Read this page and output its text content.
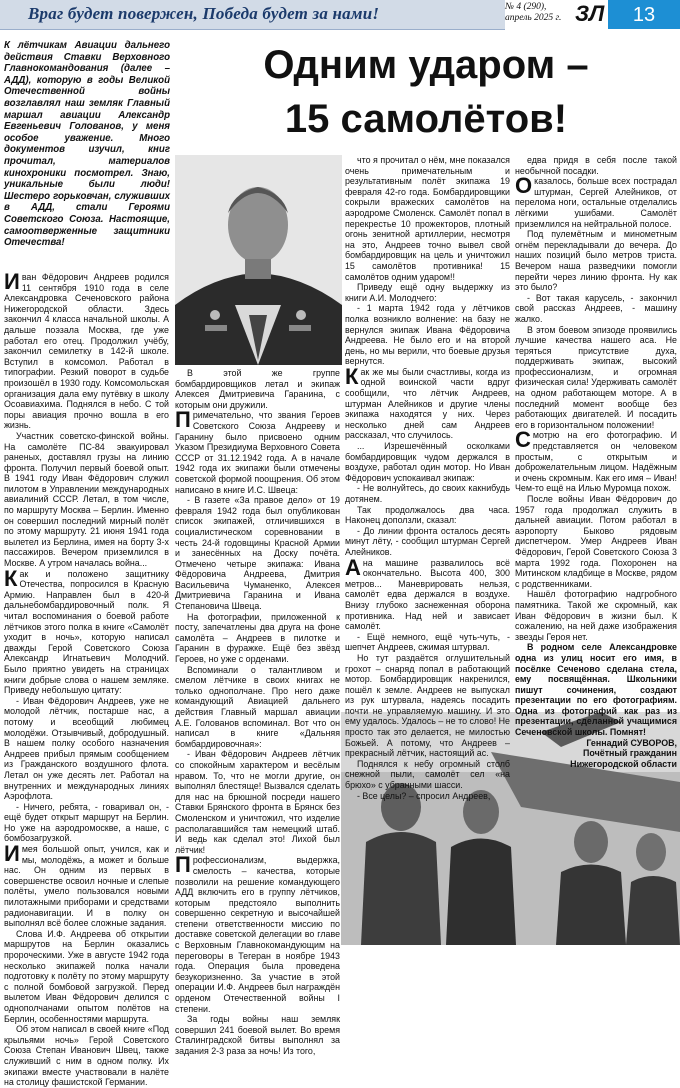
Враг будет повержен, Победа будет за нами!	№ 4 (290),
апрель 2025 г. ЗЛ	13
К лётчикам Авиации дальнего действия Ставки Верховного Главнокомандования (далее – АДД), которую в годы Великой Отечественной войны возглавлял наш земляк Главный маршал авиации Александр Евгеньевич Голованов, у меня особое уважение. Много документов изучил, книг прочитал, материалов кинохроники посмотрел. Знаю, уникальные были люди! Шестеро горьковчан, служивших в АДД, стали Героями Советского Союза. Настоящие, самоотверженные защитники Отечества!
Одним ударом –
15 самолётов!

Иван Фёдорович Андреев родился 11 сентября 1910 года в селе Александровка Сеченовского района Нижегородской области. Здесь закончил 4 класса начальной школы. А дальше поэзала Москва, где уже работал его отец. Продолжил учёбу, закончил семилетку в 142-й школе. Вступил в комсомол. Работал в типографии. Резкий поворот в судьбе произошёл в 1930 году. Комсомольская организация дала ему путёвку в школу Осоавиахима. Поднялся в небо. С той поры авиация прочно вошла в его жизнь.

Участник советско-финской войны. На самолёте ПС-84 эвакуировал раненых, доставлял грузы на линию фронта. Получил первый боевой опыт. В 1941 году Иван Фёдорович служил пилотом в Управлении международных авиалиний СССР. Летал, в том числе, по маршруту Москва – Берлин. Именно он совершил последний мирный полёт по этому маршруту. 21 июня 1941 года вылетел из Берлина, имея на борту 3-х пассажиров. Вечером приземлился в Москве. А утром началась война...

Как и положено защитнику Отечества, попросился в Красную Армию. Направлен был в 420-й дальнебомбардировочный полк. Я читал воспоминания о боевой работе лётчиков этого полка в книге «Самолёт уходит в ночь», которую написал дважды Герой Советского Союза Александр Игнатьевич Молодчий. Было приятно увидеть на страницах книги добрые слова о нашем земляке. Приведу небольшую цитату:

- Иван Фёдорович Андреев, уже не молодой лётчик, постарше нас, а потому и всеобщий любимец молодёжи. Отзывчивый, добродушный. В нашем полку особого назначения Андреев прибыл прямым сообщением из Гражданского воздушного флота. Летал он уже десять лет. Работал на внутренних и международных линиях Аэрофлота.

- Ничего, ребята, - говаривал он, - ещё будет открыт маршрут на Берлин. Но уже на аэродромоскве, а наше, с бомбозагрузкой.

Имея большой опыт, учился, как и мы, молодёжь, а может и больше нас. Он одним из первых в совершенстве освоил ночные и слепые полёты, умело пользовался новыми пилотажными приборами и средствами радионавигации. И в полку он выполнял всё более сложные задания.

Слова И.Ф. Андреева об открытии маршрутов на Берлин оказались пророческими. Уже в августе 1942 года несколько экипажей полка начали подготовку к полёту по этому маршруту с полной бомбовой загрузкой. Перед вылетом Иван Фёдорович делился с однополчанами опытом полётов на Берлин, особенностями маршрута.

Об этом написал в своей книге «Под крыльями ночь» Герой Советского Союза Степан Иванович Швец, также служивший с ним в одном полку. Их экипажи вместе участвовали в налёте на столицу фашистской Германии.

В этой же группе бомбардировщиков летал и экипаж Алексея Дмитриевича Гаранина, с которым они дружили.

Примечательно, что звания Героев Советского Союза Андрееву и Гаранину было присвоено одним Указом Президиума Верховного Совета СССР от 31.12.1942 года. А в начале 1942 года их экипажи были отмечены советской формой поощрения. Об этом написано в книге И.С. Швеца:

- В газете «За правое дело» от 19 февраля 1942 года был опубликован список экипажей, отличившихся в социалистическом соревновании в честь 24-й годовщины Красной Армии и занесённых на Доску почёта. Отмечено четыре экипажа: Ивана Фёдоровича Андреева, Дмитрия Васильевича Чуманенко, Алексея Дмитриевича Гаранина и Ивана Степановича Швеца.

На фотографии, приложенной к посту, запечатлены два друга на фоне самолёта – Андреев в пилотке и Гаранин в фуражке. Ещё без звёзд Героев, но уже с орденами.

Вспоминали о талантливом и смелом лётчике в своих книгах не только однополчане. Про него даже командующий Авиацией дальнего действия Главный маршал авиации А.Е. Голованов вспоминал. Вот что он написал в книге «Дальняя бомбардировочная»:

- Иван Фёдорович Андреев лётчик со спокойным характером и весёлым нравом. То, что не могли другие, он выполнял блестяще! Вызвался сделать для нас на брюшной посреди нашего Ставки Брянского фронта в Брянск без Смоленском и уничтожил, что изделие располагавшийся там немецкий штаб. И ведь как сделал это! Лихой был лётчик!

Профессионализм, выдержка, смелость – качества, которые позволили на решение командующего АДД включить его в группу лётчиков, которым предстояло выполнить совершенно секретную и высочайшей степени ответственности миссию по доставке советской делегации во главе с Верховным Главнокомандующим на переговоры в Тегеран в ноябре 1943 года. Операция была проведена безукоризненно. За участие в этой операции И.Ф. Андреев был награждён орденом Отечественной войны I степени.

За годы войны наш земляк совершил 241 боевой вылет. Во время Сталинградской битвы выполнял за задания 2-3 раза за ночь! Из того,

что я прочитал о нём, мне показался очень примечательным и результативным полёт экипажа 19 февраля 42-го года. Бомбардировщики сокрыли вражеских самолётов на аэродроме Смоленск. Самолёт попал в перекрестье 10 прожекторов, плотный огонь зенитной артиллерии, несмотря на это, Андреев точно вывел свой бомбардировщик на цель и уничтожил 15 самолётов противника! 15 самолётов одним ударом!!

Приведу ещё одну выдержку из книги А.И. Молодчего:

- 1 марта 1942 года у лётчиков полка возникло волнение: на базу не вернулся экипаж Ивана Фёдоровича Андреева. Не было его и на второй день, но мы верили, что боевые друзья вернутся.

Как же мы были счастливы, когда из одной воинской части вдруг сообщили, что лётчик Андреев, штурман Алейников и другие члены экипажа находятся у них. Через несколько дней сам Андреев рассказал, что случилось.

... Изрешечённый осколками бомбардировщик чудом держался в воздухе, работал один мотор. Но Иван Фёдорович успокаивал экипаж:

- Не волнуйтесь, до своих какнибудь дотянем.

Так продолжалось два часа. Наконец доползли, сказал:

- До линии фронта осталось десять минут лёту, - сообщил штурман Сергей Алейников.

Ана машине развалилось всё окончательно. Высота 400, 300 метров... Маневрировать нельзя, самолёт едва держался в воздухе. Внизу глубоко заснеженная оборона противника. Над ней и зависает самолёт.

- Ещё немного, ещё чуть-чуть, - шепчет Андреев, сжимая штурвал.

Но тут раздаётся оглушительный грохот – снаряд попал в работающий мотор. Бомбардировщик накренился, пошёл к земле. Андреев не выпускал из рук штурвала, надеясь посадить почти не управляемую машину. И это ему удалось. Удалось – не то слово! Не просто так это делается, не милостью Божьей. А потому, что Андреев – прекрасный лётчик, настоящий ас.

Поднялся к небу огромный столб снежной пыли, самолёт сел «на брюхо» с убранными шасси.

- Все целы? – спросил Андреев,

едва придя в себя после такой необычной посадки.

Оказалось, больше всех пострадал штурман, Сергей Алейников, от перелома ноги, остальные отделались лёгкими ушибами. Самолёт приземлился на нейтральной полосе.

Под пулемётным и минометным огнём перекладывали до вечера. До наших позиций было метров триста. Вечером наша разведчики помогли перейти через линию фронта. Ну как это было?

- Вот такая карусель, - закончил свой рассказ Андреев, - машину жалко.

В этом боевом эпизоде проявились лучшие качества нашего аса. Не теряться присутствие духа, поддерживать экипаж, высокий профессионализм, и огромная физическая сила! Удерживать самолёт на одном работающем моторе. А в последний момент вообще без работающих двигателей. И посадить его в горизонтальном положении!

Смотрю на его фотографию. И представляется он человеком простым, с открытым и доброжелательным лицом. Надёжным и очень скромным. Как его имя – Иван! Чем-то ещё на Илью Муромца похож.

После войны Иван Фёдорович до 1957 года продолжал служить в дальней авиации. Потом работал в аэропорту Быково рядовым диспетчером. Умер Андреев Иван Фёдорович, Герой Советского Союза 3 марта 1992 года. Похоронен на Митинском кладбище в Москве, рядом с родственниками.

Нашёл фотографию надгробного памятника. Такой же скромный, как Иван Фёдорович в жизни был. К сожалению, на ней даже изображения звезды Героя нет.

В родном селе Александровке одна из улиц носит его имя, в посёлке Сеченово сделана стела, ему посвящённая. Школьники пишут сочинения, создают презентации по его фотографиям. Одна из фотографий как раз из презентации, сделанной учащимися Сеченовской школы. Помнят!

Геннадий СУВОРОВ,

Почётный гражданин

Нижегородской области
